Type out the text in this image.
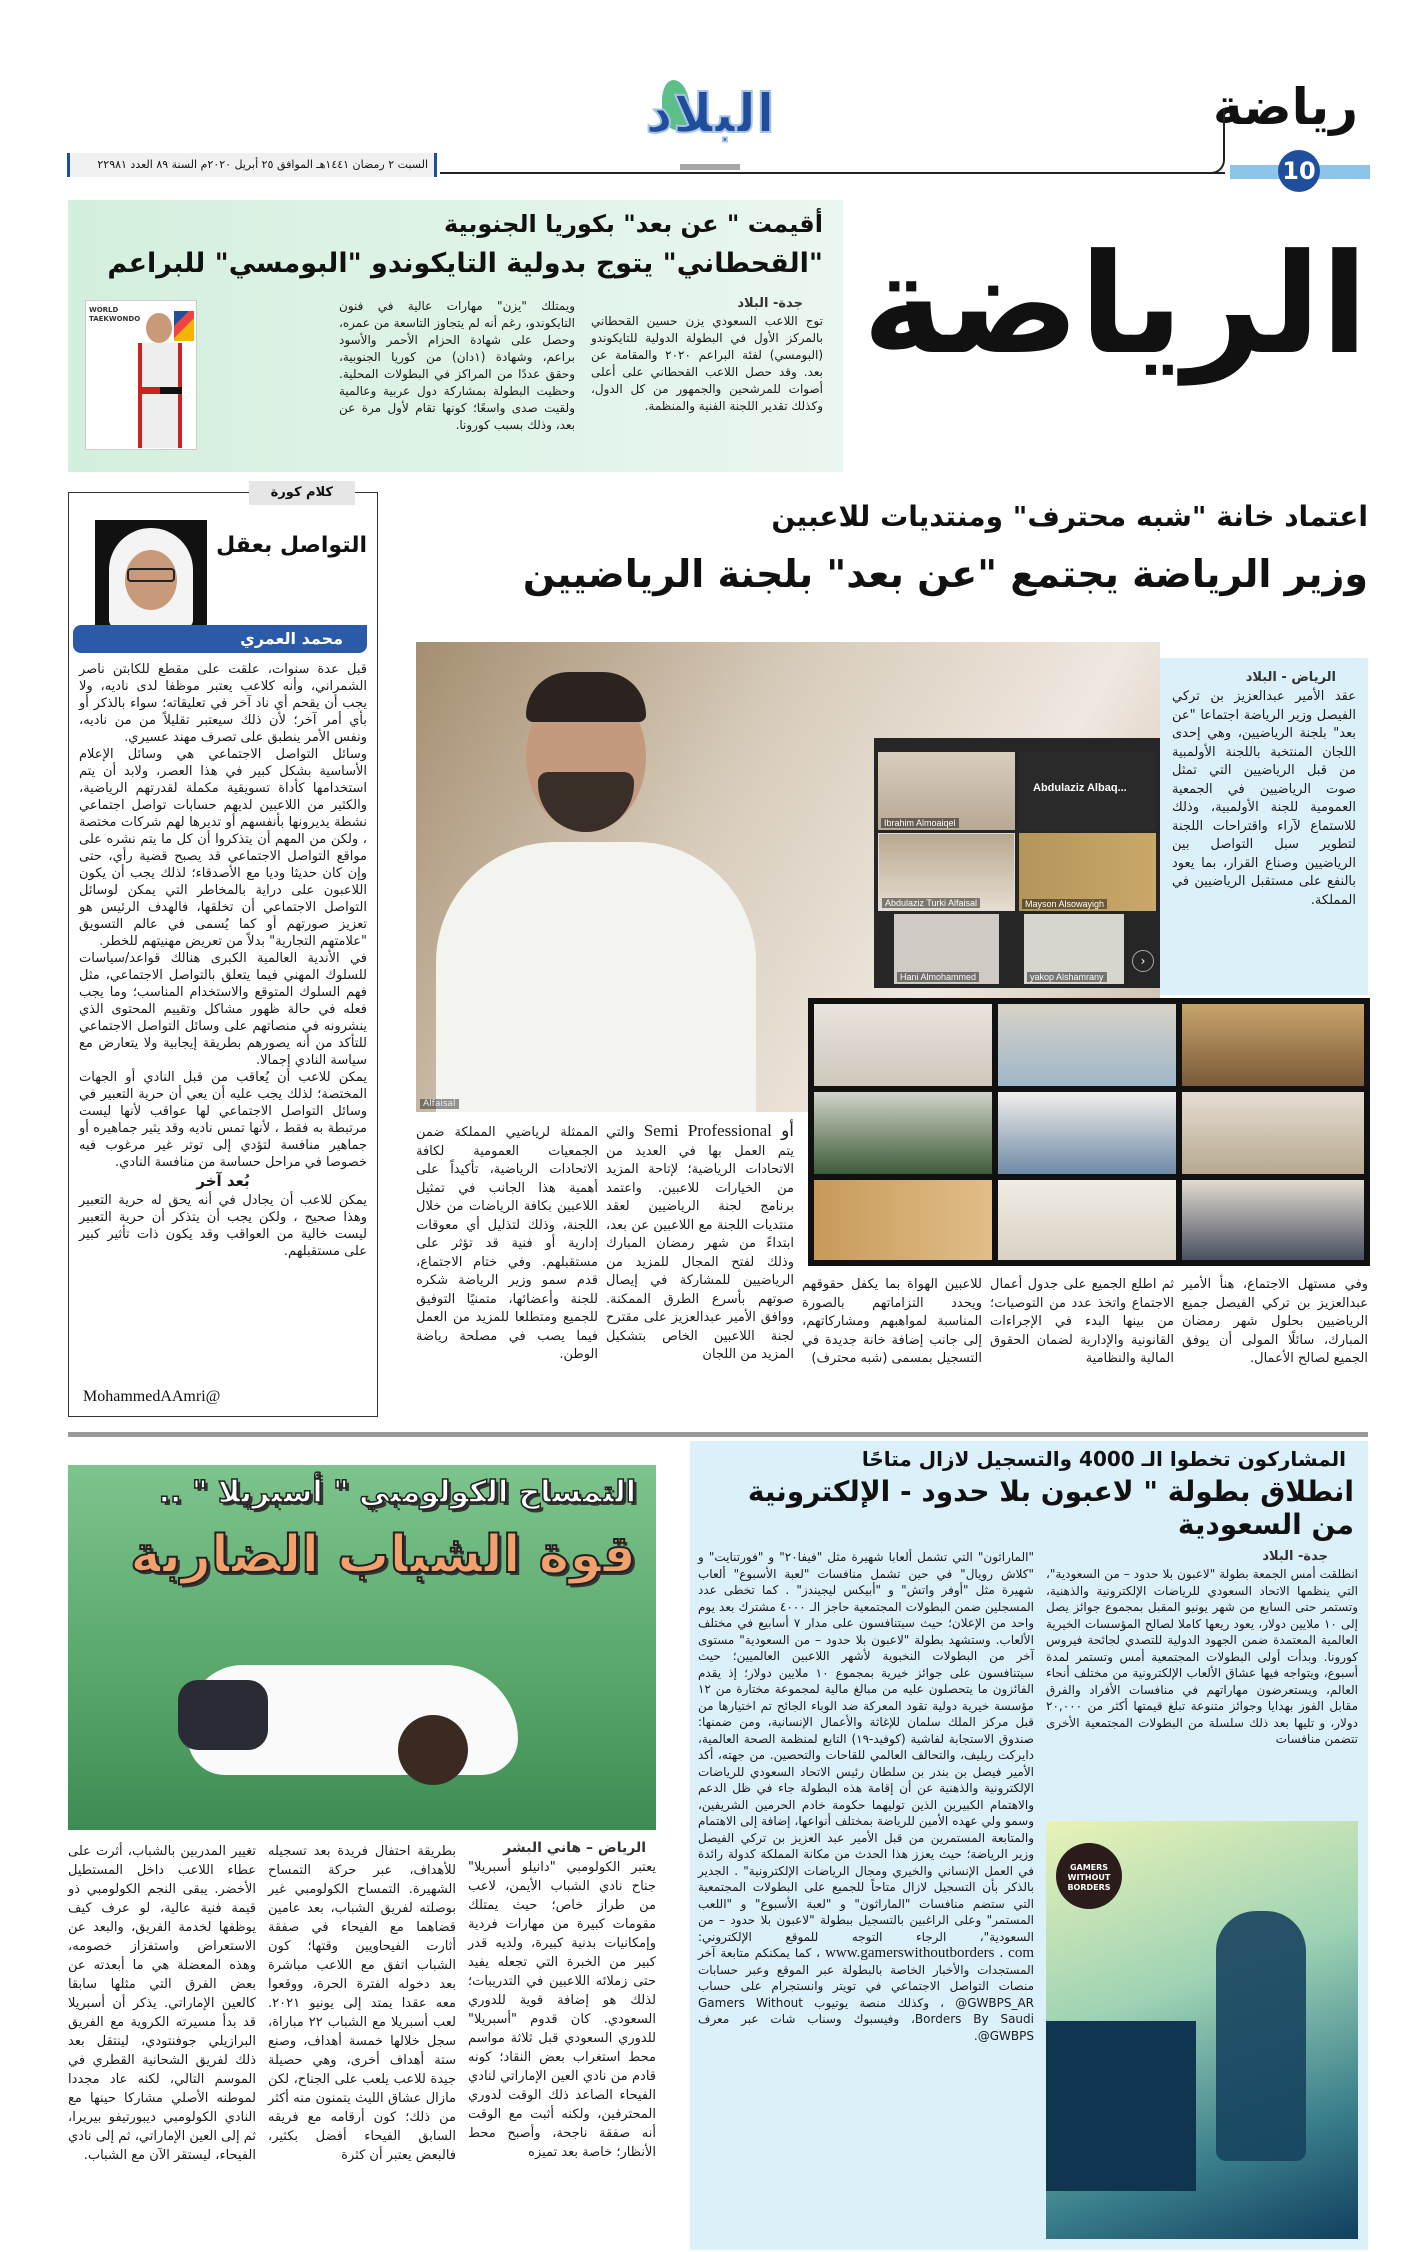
رياضة
10
البلاد
السبت ٢ رمضان ١٤٤١هـ الموافق ٢٥ أبريل ٢٠٢٠م السنة ٨٩ العدد ٢٢٩٨١
الرياضة
أقيمت " عن بعد" بكوريا الجنوبية
"القحطاني" يتوج بدولية التايكوندو "البومسي" للبراعم
جدة- البلاد
توج اللاعب السعودي يزن حسين القحطاني بالمركز الأول في البطولة الدولية للتايكوندو (البومسي) لفئة البراعم ٢٠٢٠ والمقامة عن بعد. وقد حصل اللاعب القحطاني على أعلى أصوات للمرشحين والجمهور من كل الدول، وكذلك تقدير اللجنة الفنية والمنظمة.
ويمتلك "يزن" مهارات عالية في فنون التايكوندو، رغم أنه لم يتجاوز التاسعة من عمره، وحصل على شهادة الحزام الأحمر والأسود براعم، وشهادة (١دان) من كوريا الجنوبية، وحقق عددًا من المراكز في البطولات المحلية. وحظيت البطولة بمشاركة دول عربية وعالمية ولقيت صدى واسعًا؛ كونها تقام لأول مرة عن بعد، وذلك بسبب كورونا.
WORLD TAEKWONDO
كلام كورة
التواصل بعقل
محمد العمري

قبل عدة سنوات، علقت على مقطع للكابتن ناصر الشمراني، وأنه كلاعب يعتبر موظفا لدى ناديه، ولا يجب أن يقحم أي ناد آخر في تعليقاته؛ سواء بالذكر أو بأي أمر آخر؛ لأن ذلك سيعتبر تقليلاً من من ناديه، ونفس الأمر ينطبق على تصرف مهند عسيري.

وسائل التواصل الاجتماعي هي وسائل الإعلام الأساسية بشكل كبير في هذا العصر، ولابد أن يتم استخدامها كأداة تسويقية مكملة لقدرتهم الرياضية، والكثير من اللاعبين لديهم حسابات تواصل اجتماعي نشطة يديرونها بأنفسهم أو تديرها لهم شركات مختصة ، ولكن من المهم أن يتذكروا أن كل ما يتم نشره على مواقع التواصل الاجتماعي قد يصبح قضية رأي، حتى وإن كان حديثا وديا مع الأصدقاء؛ لذلك يجب أن يكون اللاعبون على دراية بالمخاطر التي يمكن لوسائل التواصل الاجتماعي أن تخلقها، فالهدف الرئيس هو تعزيز صورتهم أو كما يُسمى في عالم التسويق "علامتهم التجارية" بدلاً من تعريض مهنيتهم للخطر.

في الأندية العالمية الكبرى هنالك قواعد/سياسات للسلوك المهني فيما يتعلق بالتواصل الاجتماعي، مثل فهم السلوك المتوقع والاستخدام المناسب؛ وما يجب فعله في حالة ظهور مشاكل وتقييم المحتوى الذي ينشرونه في منصاتهم على وسائل التواصل الاجتماعي للتأكد من أنه يصورهم بطريقة إيجابية ولا يتعارض مع سياسة النادي إجمالا.

يمكن للاعب أن يُعاقب من قبل النادي أو الجهات المختصة؛ لذلك يجب عليه أن يعي أن حرية التعبير في وسائل التواصل الاجتماعي لها عواقب لأنها ليست مرتبطة به فقط ، لأنها تمس ناديه وقد يثير جماهيره أو جماهير منافسة لتؤدي إلى توتر غير مرغوب فيه خصوصا في مراحل حساسة من منافسة النادي.

بُعد آخر

يمكن للاعب أن يجادل في أنه يحق له حرية التعبير وهذا صحيح ، ولكن يجب أن يتذكر أن حرية التعبير ليست خالية من العواقب وقد يكون ذات تأثير كبير على مستقبلهم.

MohammedAAmri@
اعتماد خانة "شبه محترف" ومنتديات للاعبين
وزير الرياضة يجتمع "عن بعد" بلجنة الرياضيين
Alfaisal
Ibrahim Almoaiqel
Abdulaziz Albaq...
Abdulaziz Turki Alfaisal	Mayson Alsowayigh
Hani Almohammed	yakop Alshamrany
›
الرياض - البلاد
عقد الأمير عبدالعزيز بن تركي الفيصل وزير الرياضة اجتماعا "عن بعد" بلجنة الرياضيين، وهي إحدى اللجان المنتخبة باللجنة الأولمبية من قبل الرياضيين التي تمثل صوت الرياضيين في الجمعية العمومية للجنة الأولمبية، وذلك للاستماع لآراء واقتراحات اللجنة لتطوير سبل التواصل بين الرياضيين وصناع القرار، بما يعود بالنفع على مستقبل الرياضيين في المملكة.
وفي مستهل الاجتماع، هنأ الأمير عبدالعزيز بن تركي الفيصل جميع الرياضيين بحلول شهر رمضان المبارك، سائلًا المولى أن يوفق الجميع لصالح الأعمال.
ثم اطلع الجميع على جدول أعمال الاجتماع واتخذ عدد من التوصيات؛ من بينها البدء في الإجراءات القانونية والإدارية لضمان الحقوق المالية والنظامية
للاعبين الهواة بما يكفل حقوقهم ويحدد التزاماتهم بالصورة المناسبة لمواهبهم ومشاركاتهم، إلى جانب إضافة خانة جديدة في التسجيل بمسمى (شبه محترف)
أو Semi Professional والتي يتم العمل بها في العديد من الاتحادات الرياضية؛ لإتاحة المزيد من الخيارات للاعبين. واعتمد برنامج لجنة الرياضيين لعقد منتديات اللجنة مع اللاعبين عن بعد، ابتداءً من شهر رمضان المبارك وذلك لفتح المجال للمزيد من الرياضيين للمشاركة في إيصال صوتهم بأسرع الطرق الممكنة. ووافق الأمير عبدالعزيز على مقترح لجنة اللاعبين الخاص بتشكيل المزيد من اللجان
الممثلة لرياضيي المملكة ضمن الجمعيات العمومية لكافة الاتحادات الرياضية، تأكيداً على أهمية هذا الجانب في تمثيل اللاعبين بكافة الرياضات من خلال اللجنة، وذلك لتذليل أي معوقات إدارية أو فنية قد تؤثر على مستقبلهم. وفي ختام الاجتماع، قدم سمو وزير الرياضة شكره للجنة وأعضائها، متمنيًا التوفيق للجميع ومتطلعا للمزيد من العمل فيما يصب في مصلحة رياضة الوطن.
المشاركون تخطوا الـ 4000 والتسجيل لازال متاحًا
انطلاق بطولة " لاعبون بلا حدود - الإلكترونية من السعودية
جدة- البلاد
انطلقت أمس الجمعة بطولة "لاعبون بلا حدود – من السعودية"، التي ينظمها الاتحاد السعودي للرياضات الإلكترونية والذهنية، وتستمر حتى السابع من شهر يونيو المقبل بمجموع جوائز يصل إلى ١٠ ملايين دولار، يعود ريعها كاملا لصالح المؤسسات الخيرية العالمية المعتمدة ضمن الجهود الدولية للتصدي لجائحة فيروس كورونا. وبدأت أولى البطولات المجتمعية أمس وتستمر لمدة أسبوع، ويتواجه فيها عشاق الألعاب الإلكترونية من مختلف أنحاء العالم، ويستعرضون مهاراتهم في منافسات الأفراد والفرق مقابل الفوز بهدايا وجوائز متنوعة تبلغ قيمتها أكثر من ٢٠,٠٠٠ دولار، و تليها بعد ذلك سلسلة من البطولات المجتمعية الأخرى تتضمن منافسات
GAMERS WITHOUT BORDERS
"الماراثون" التي تشمل ألعابا شهيرة مثل "فيفا٢٠" و "فورتنايت" و "كلاش رويال" في حين تشمل منافسات "لعبة الأسبوع" ألعاب شهيرة مثل "أوفر واتش" و "أبيكس ليجيندز" . كما تخطى عدد المسجلين ضمن البطولات المجتمعية حاجز الـ ٤٠٠٠ مشترك بعد يوم واحد من الإعلان؛ حيث سيتنافسون على مدار ٧ أسابيع في مختلف الألعاب. وستشهد بطولة "لاعبون بلا حدود – من السعودية" مستوى آخر من البطولات النخبوية لأشهر اللاعبين العالميين؛ حيث سيتنافسون على جوائز خيرية بمجموع ١٠ ملايين دولار؛ إذ يقدم الفائزون ما يتحصلون عليه من مبالغ مالية لمجموعة مختارة من ١٢ مؤسسة خيرية دولية تقود المعركة ضد الوباء الجائح تم اختيارها من قبل مركز الملك سلمان للإغاثة والأعمال الإنسانية، ومن ضمنها: صندوق الاستجابة لفاشية (كوفيد-١٩) التابع لمنظمة الصحة العالمية، دايركت ريليف، والتحالف العالمي للقاحات والتحصين. من جهته، أكد الأمير فيصل بن بندر بن سلطان رئيس الاتحاد السعودي للرياضات الإلكترونية والذهنية عن أن إقامة هذه البطولة جاء في ظل الدعم والاهتمام الكبيرين الذين توليهما حكومة خادم الحرمين الشريفين، وسمو ولي عهده الأمين للرياضة بمختلف أنواعها، إضافة إلى الاهتمام والمتابعة المستمرين من قبل الأمير عبد العزيز بن تركي الفيصل وزير الرياضة؛ حيث يعزز هذا الحدث من مكانة المملكة كدولة رائدة في العمل الإنساني والخيري ومجال الرياضات الإلكترونية" . الجدير بالذكر بأن التسجيل لازال متاحاً للجميع على البطولات المجتمعية التي ستضم منافسات "الماراثون" و "لعبة الأسبوع" و "اللعب المستمر" وعلى الراغبين بالتسجيل ببطولة "لاعبون بلا حدود – من السعودية"، الرجاء التوجه للموقع الإلكتروني: www.gamerswithoutborders . com ، كما يمكنكم متابعة آخر المستجدات والأخبار الخاصة بالبطولة عبر الموقع وعبر حسابات منصات التواصل الاجتماعي في تويتر وانستجرام على حساب GWBPS_AR@ ، وكذلك منصة يوتيوب Gamers Without Borders By Saudi، وفيسبوك وسناب شات عبر معرف GWBPS@.
التمساح الكولومبي " أسبريلا " ..
قوة الشباب الضاربة
الرياض – هاني البشر
يعتبر الكولومبي "دانيلو أسبريلا" جناح نادي الشباب الأيمن، لاعب من طراز خاص؛ حيث يمتلك مقومات كبيرة من مهارات فردية وإمكانيات بدنية كبيرة، ولديه قدر كبير من الخبرة التي تجعله يفيد حتى زملائه اللاعبين في التدريبات؛ لذلك هو إضافة قوية للدوري السعودي. كان قدوم "أسبريلا" للدوري السعودي قبل ثلاثة مواسم محط استغراب بعض النقاد؛ كونه قادم من نادي العين الإماراتي لنادي الفيحاء الصاعد ذلك الوقت لدوري المحترفين، ولكنه أثبت مع الوقت أنه صفقة ناجحة، وأصبح محط الأنظار؛ خاصة بعد تميزه
بطريقة احتفال فريدة بعد تسجيله للأهداف، عبر حركة التمساح الشهيرة. التمساح الكولومبي غير بوصلته لفريق الشباب، بعد عامين قضاهما مع الفيحاء في صفقة أثارت الفيحاويين وقتها؛ كون الشباب اتفق مع اللاعب مباشرة بعد دخوله الفترة الحرة، ووقعوا معه عقدا يمتد إلى يونيو ٢٠٢١. لعب أسبريلا مع الشباب ٢٢ مباراة، سجل خلالها خمسة أهداف، وصنع ستة أهداف أخرى، وهي حصيلة جيدة للاعب يلعب على الجناح، لكن مازال عشاق الليث يتمنون منه أكثر من ذلك؛ كون أرقامه مع فريقه السابق الفيحاء أفضل بكثير، فالبعض يعتبر أن كثرة
تغيير المدربين بالشباب، أثرت على عطاء اللاعب داخل المستطيل الأخضر. يبقى النجم الكولومبي ذو قيمة فنية عالية، لو عرف كيف يوظفها لخدمة الفريق، والبعد عن الاستعراض واستفزاز خصومه، وهذه المعضلة هي ما أبعدته عن بعض الفرق التي مثلها سابقا كالعين الإماراتي. يذكر أن أسبريلا قد بدأ مسيرته الكروية مع الفريق البرازيلي جوفنتودي، لينتقل بعد ذلك لفريق الشحانية القطري في الموسم التالي، لكنه عاد مجددا لموطنه الأصلي مشاركا حينها مع النادي الكولومبي ديبورتيفو بيريرا، ثم إلى العين الإماراتي، ثم إلى نادي الفيحاء، ليستقر الآن مع الشباب.
